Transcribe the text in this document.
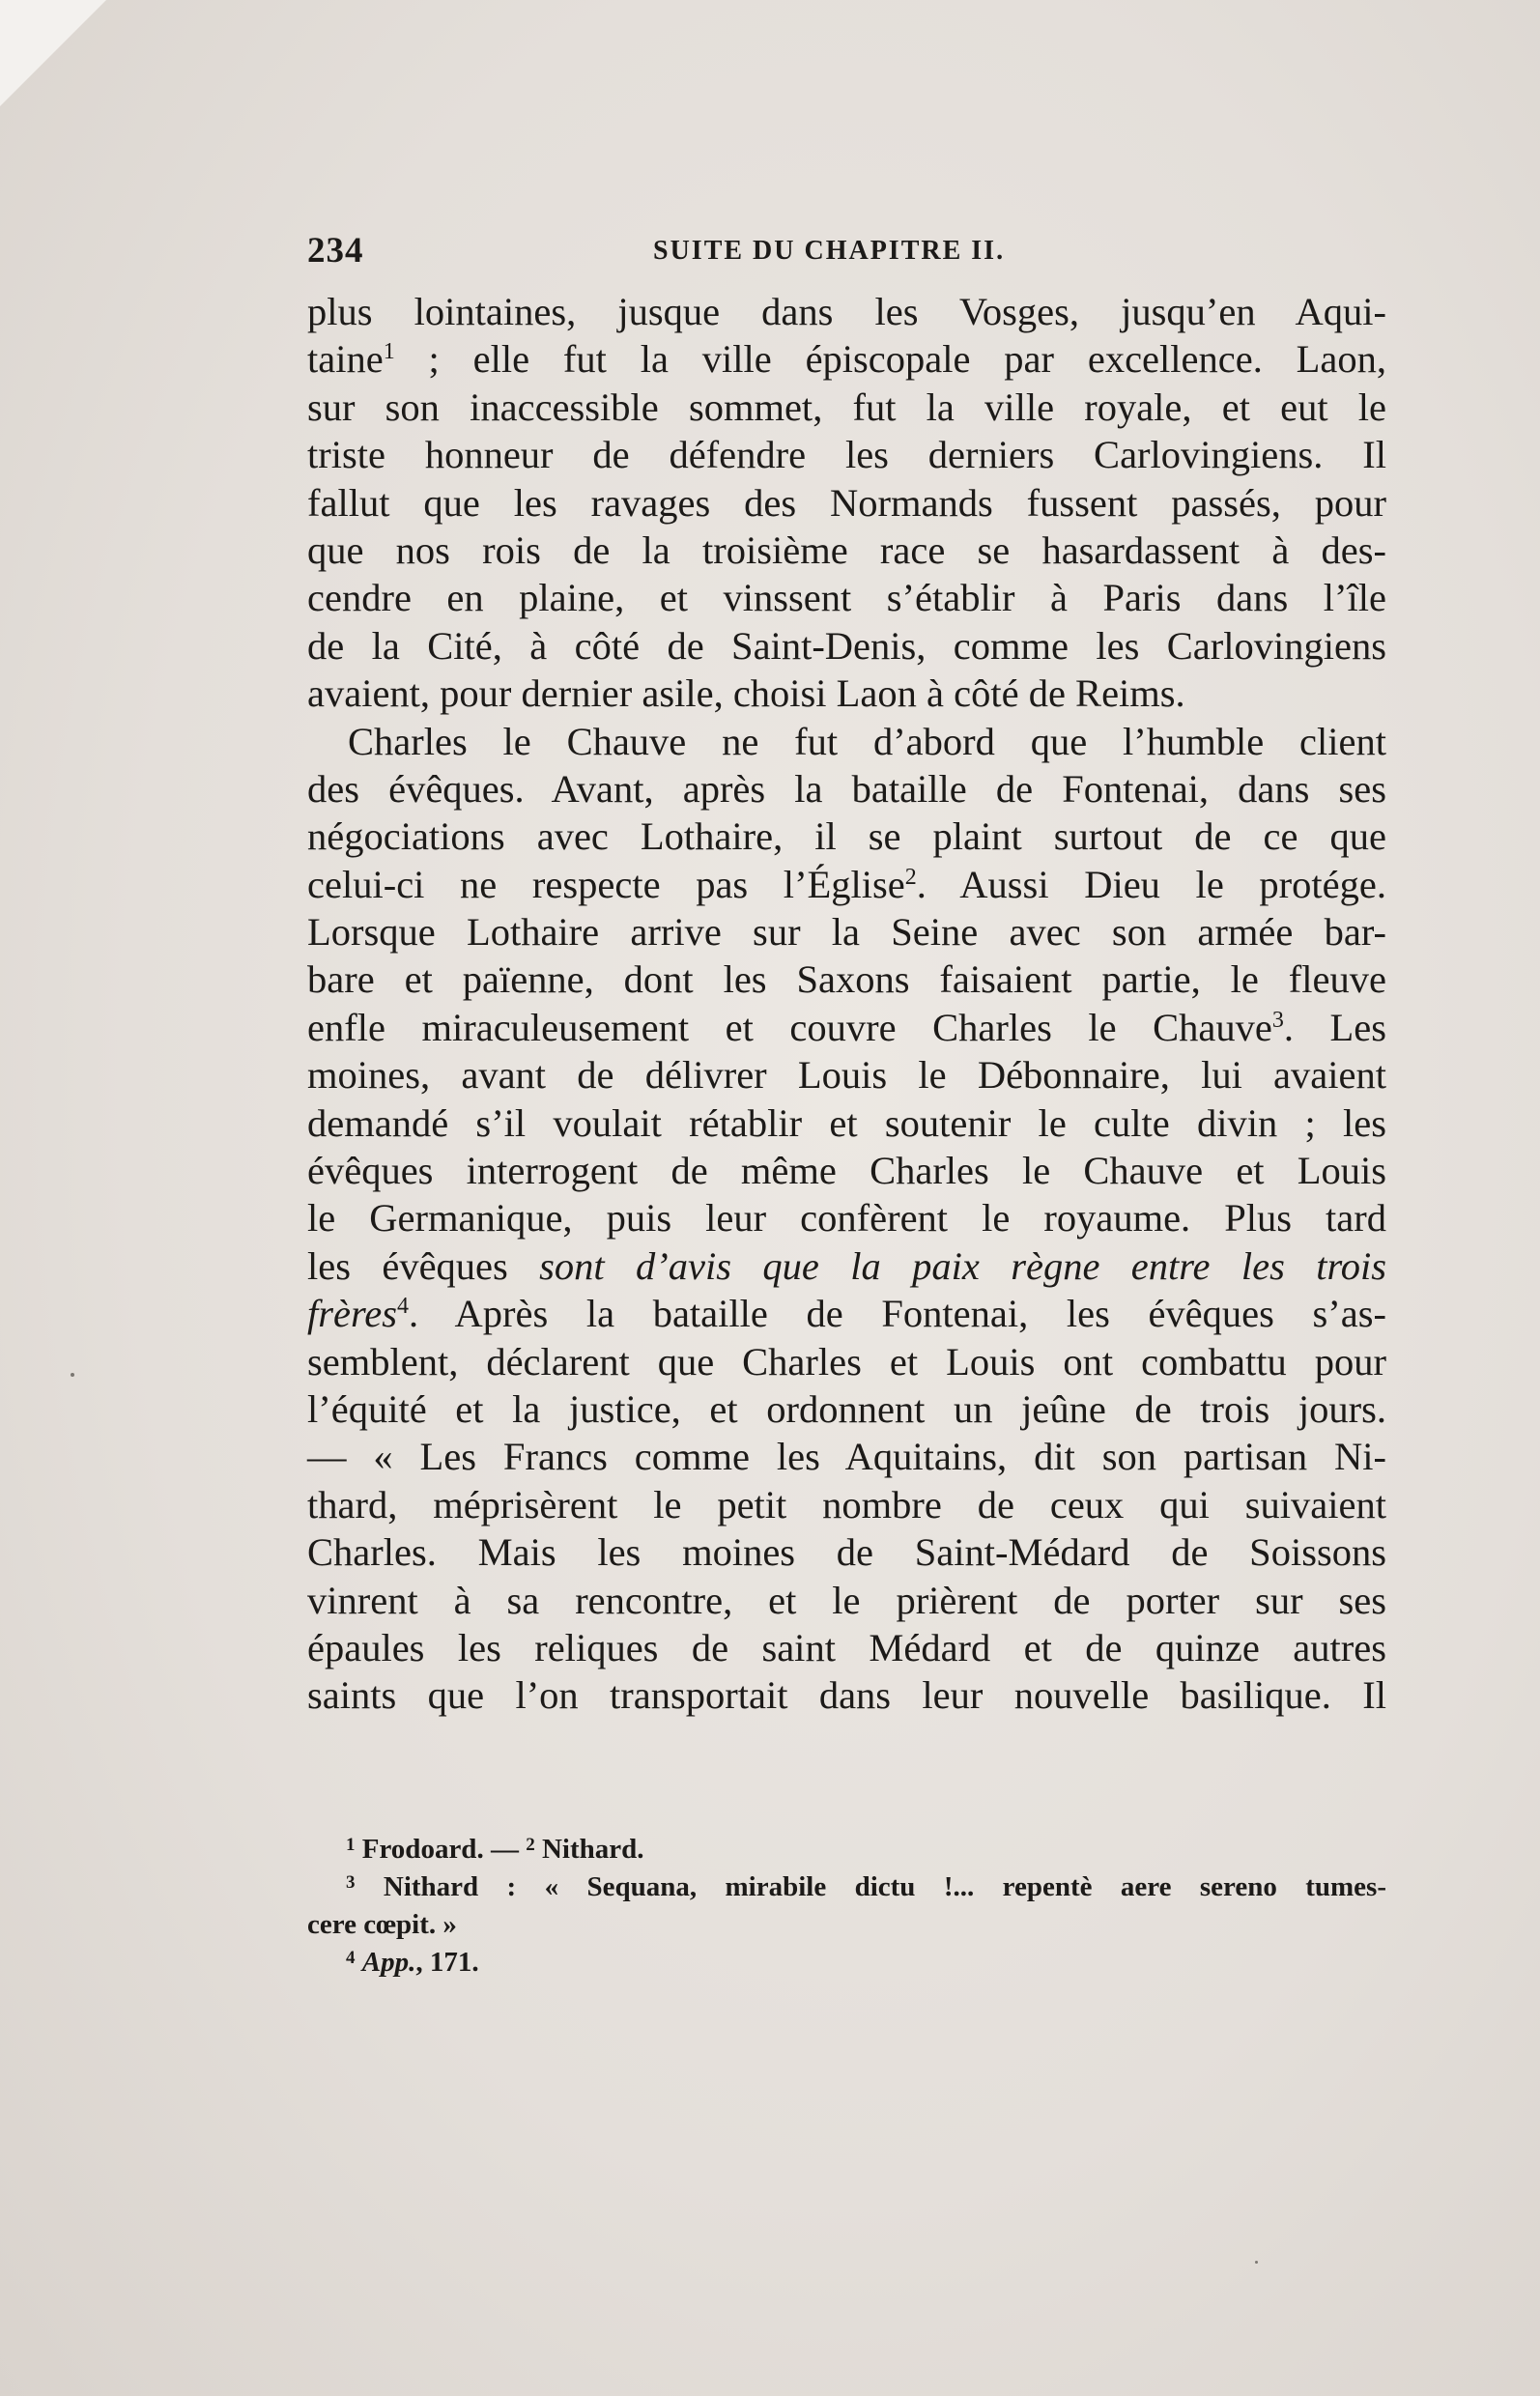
234	SUITE DU CHAPITRE II.
plus lointaines, jusque dans les Vosges, jusqu’en Aqui-
taine$^1$ ; elle fut la ville épiscopale par excellence. Laon,
sur son inaccessible sommet, fut la ville royale, et eut le
triste honneur de défendre les derniers Carlovingiens. Il
fallut que les ravages des Normands fussent passés, pour
que nos rois de la troisième race se hasardassent à des-
cendre en plaine, et vinssent s’établir à Paris dans l’île
de la Cité, à côté de Saint-Denis, comme les Carlovingiens
avaient, pour dernier asile, choisi Laon à côté de Reims.
Charles le Chauve ne fut d’abord que l’humble client
des évêques. Avant, après la bataille de Fontenai, dans ses
négociations avec Lothaire, il se plaint surtout de ce que
celui-ci ne respecte pas l’Église$^2$. Aussi Dieu le protége.
Lorsque Lothaire arrive sur la Seine avec son armée bar-
bare et païenne, dont les Saxons faisaient partie, le fleuve
enfle miraculeusement et couvre Charles le Chauve$^3$. Les
moines, avant de délivrer Louis le Débonnaire, lui avaient
demandé s’il voulait rétablir et soutenir le culte divin ; les
évêques interrogent de même Charles le Chauve et Louis
le Germanique, puis leur confèrent le royaume. Plus tard
les évêques sont d’avis que la paix règne entre les trois
frères$^4$. Après la bataille de Fontenai, les évêques s’as-
semblent, déclarent que Charles et Louis ont combattu pour
l’équité et la justice, et ordonnent un jeûne de trois jours.
— « Les Francs comme les Aquitains, dit son partisan Ni-
thard, méprisèrent le petit nombre de ceux qui suivaient
Charles. Mais les moines de Saint-Médard de Soissons
vinrent à sa rencontre, et le prièrent de porter sur ses
épaules les reliques de saint Médard et de quinze autres
saints que l’on transportait dans leur nouvelle basilique. Il
$^1$ Frodoard. — $^2$ Nithard.
$^3$ Nithard : « Sequana, mirabile dictu !... repentè aere sereno tumes-
cere cœpit. »
$^4$ App., 171.
